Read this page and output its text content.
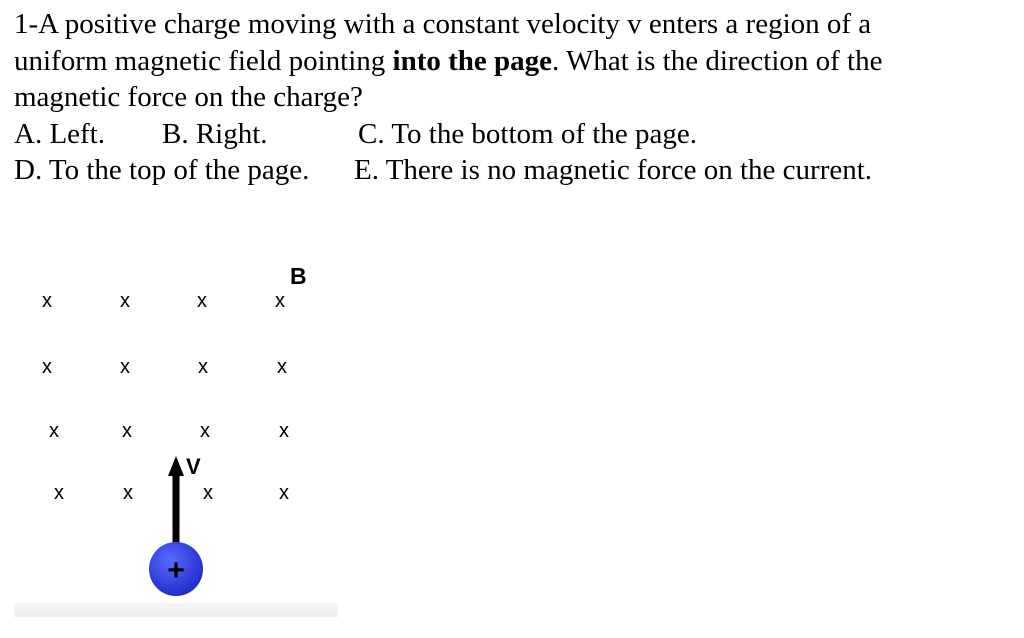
1-A positive charge moving with a constant velocity v enters a region of a
uniform magnetic field pointing into the page. What is the direction of the
magnetic force on the charge?
A. Left. B. Right.	C. To the bottom of the page.
D. To the top of the page. E. There is no magnetic force on the current.
x	x	x	x
x	x	x	x
x	x	x	x
x	x	x	x
B
V
+
